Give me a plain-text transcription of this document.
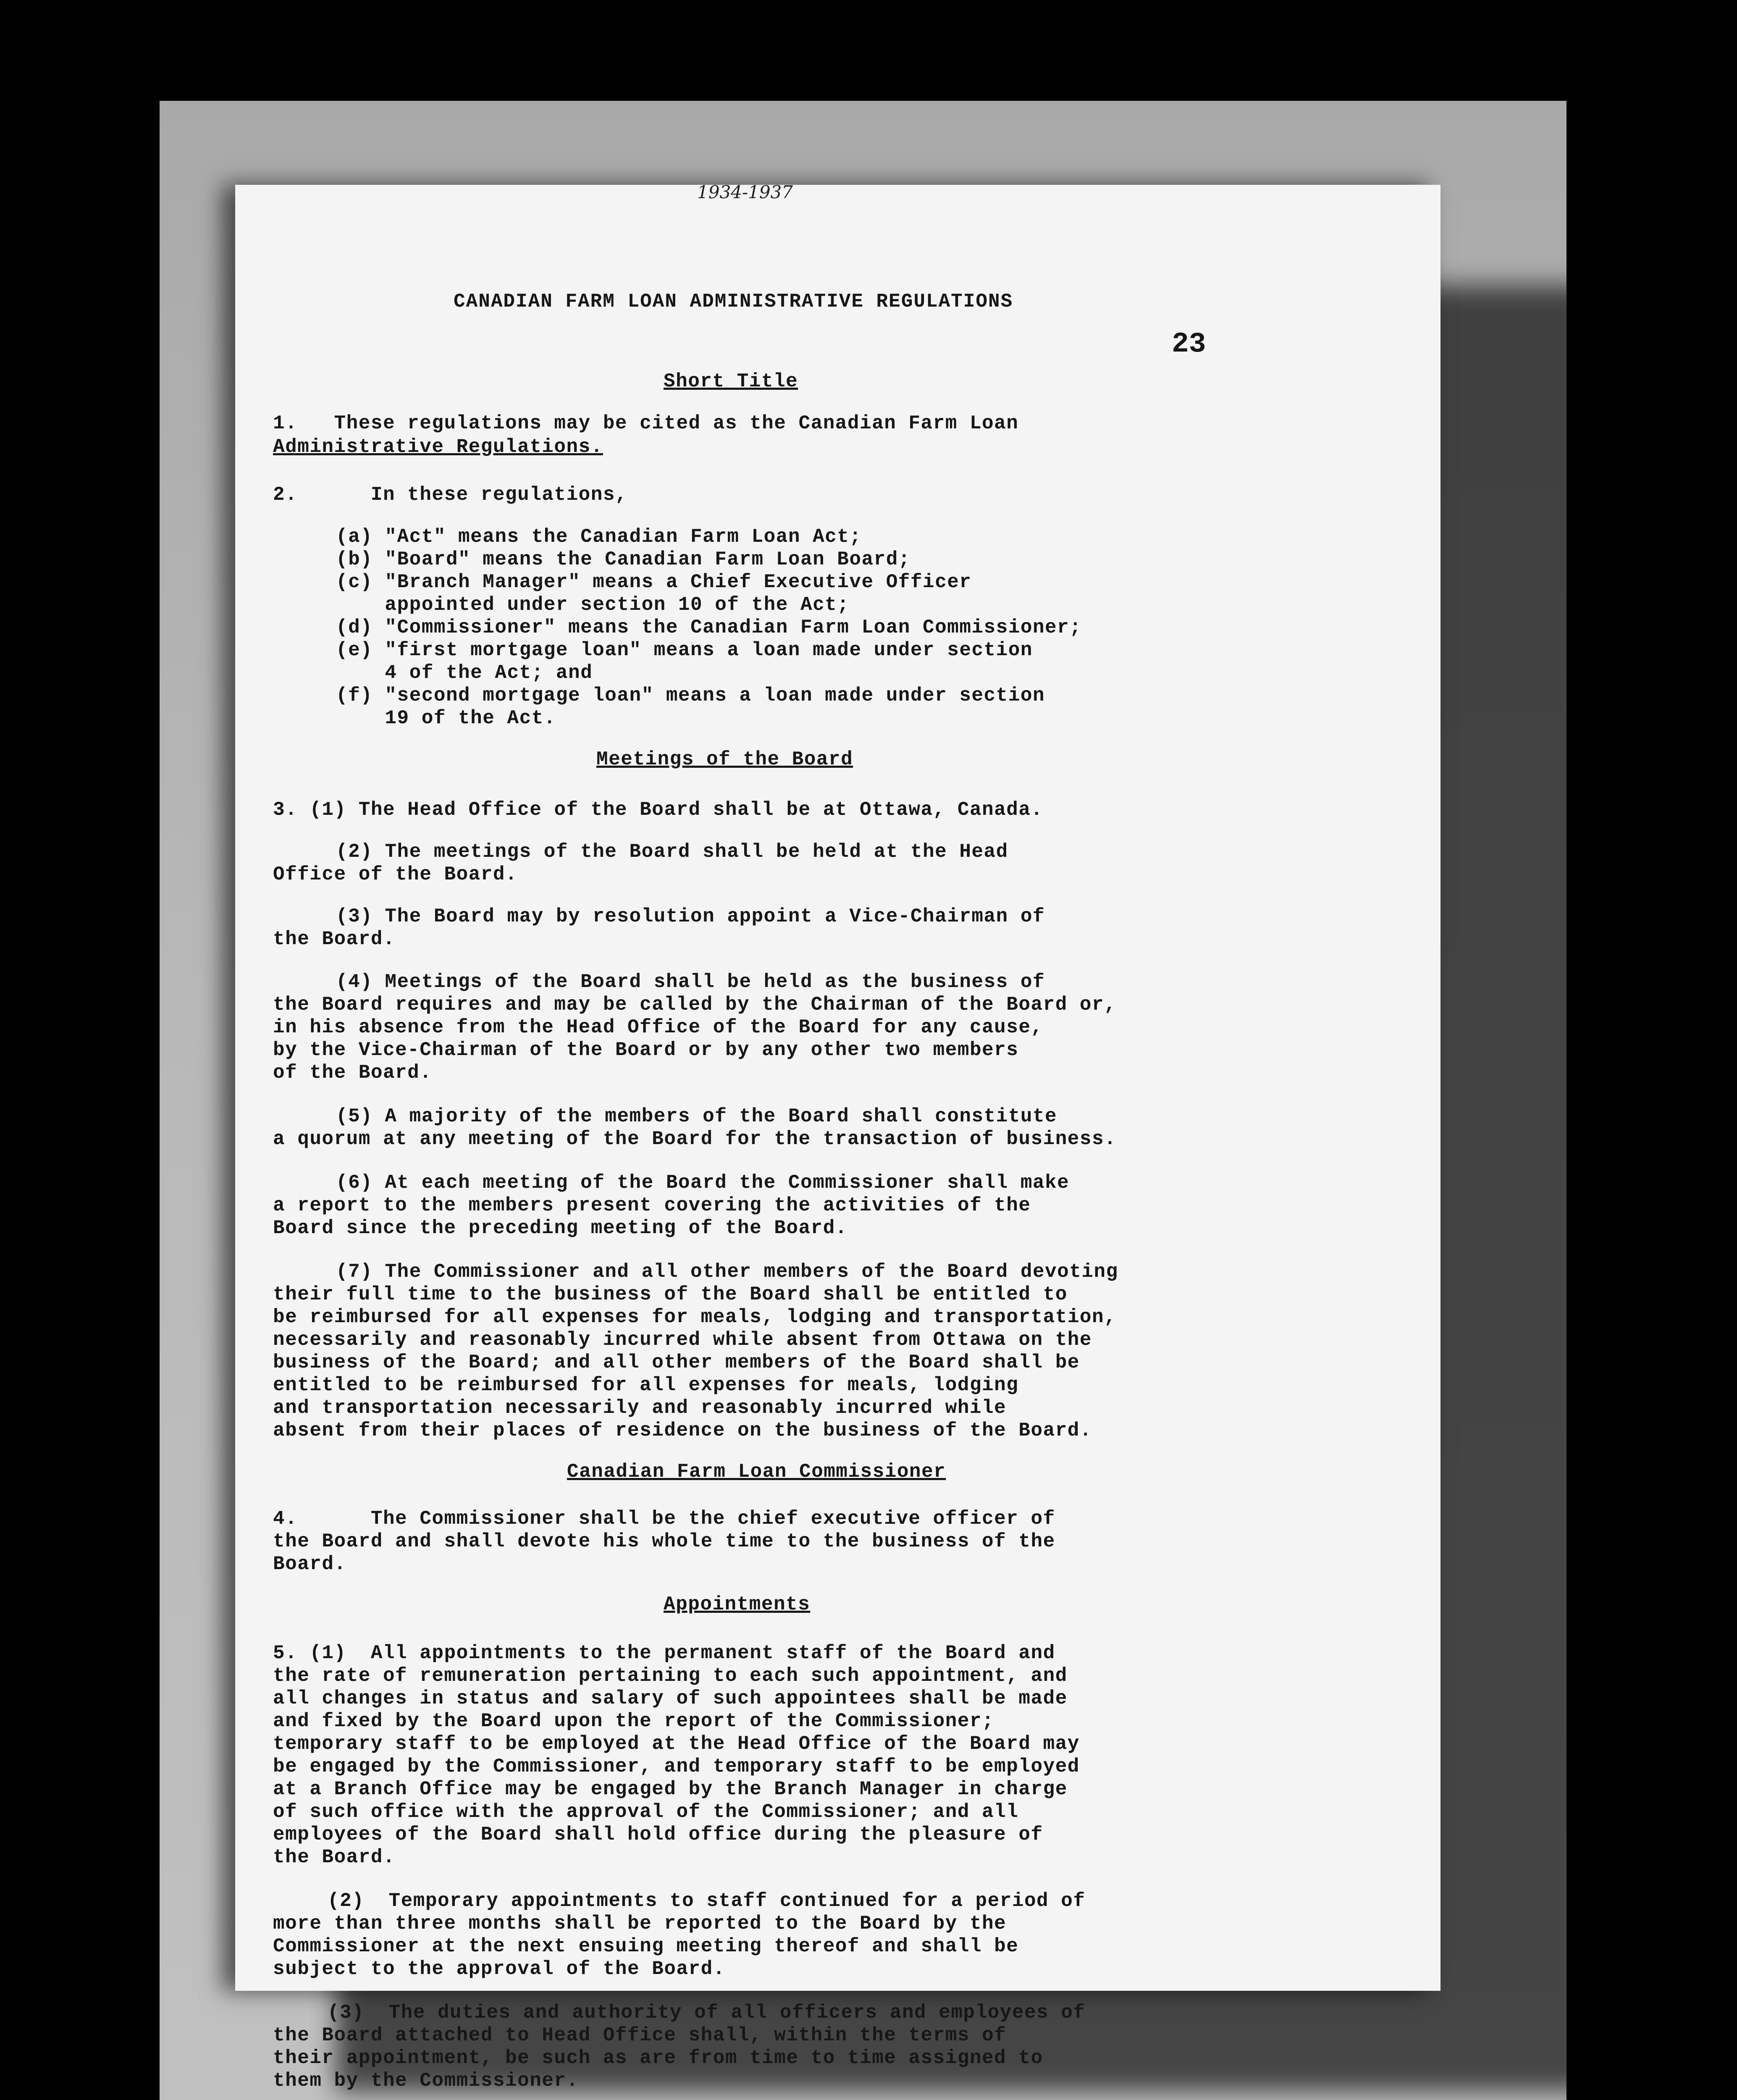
1934-1937

CANADIAN FARM LOAN ADMINISTRATIVE REGULATIONS

23

Short Title

1.   These regulations may be cited as the Canadian Farm Loan

Administrative Regulations.

2.      In these regulations,

(a) "Act" means the Canadian Farm Loan Act;

(b) "Board" means the Canadian Farm Loan Board;

(c) "Branch Manager" means a Chief Executive Officer

appointed under section 10 of the Act;

(d) "Commissioner" means the Canadian Farm Loan Commissioner;

(e) "first mortgage loan" means a loan made under section

4 of the Act; and

(f) "second mortgage loan" means a loan made under section

19 of the Act.

Meetings of the Board

3. (1) The Head Office of the Board shall be at Ottawa, Canada.

(2) The meetings of the Board shall be held at the Head

Office of the Board.

(3) The Board may by resolution appoint a Vice-Chairman of

the Board.

(4) Meetings of the Board shall be held as the business of

the Board requires and may be called by the Chairman of the Board or,

in his absence from the Head Office of the Board for any cause,

by the Vice-Chairman of the Board or by any other two members

of the Board.

(5) A majority of the members of the Board shall constitute

a quorum at any meeting of the Board for the transaction of business.

(6) At each meeting of the Board the Commissioner shall make

a report to the members present covering the activities of the

Board since the preceding meeting of the Board.

(7) The Commissioner and all other members of the Board devoting

their full time to the business of the Board shall be entitled to

be reimbursed for all expenses for meals, lodging and transportation,

necessarily and reasonably incurred while absent from Ottawa on the

business of the Board; and all other members of the Board shall be

entitled to be reimbursed for all expenses for meals, lodging

and transportation necessarily and reasonably incurred while

absent from their places of residence on the business of the Board.

Canadian Farm Loan Commissioner

4.      The Commissioner shall be the chief executive officer of

the Board and shall devote his whole time to the business of the

Board.

Appointments

5. (1)  All appointments to the permanent staff of the Board and

the rate of remuneration pertaining to each such appointment, and

all changes in status and salary of such appointees shall be made

and fixed by the Board upon the report of the Commissioner;

temporary staff to be employed at the Head Office of the Board may

be engaged by the Commissioner, and temporary staff to be employed

at a Branch Office may be engaged by the Branch Manager in charge

of such office with the approval of the Commissioner; and all

employees of the Board shall hold office during the pleasure of

the Board.

(2)  Temporary appointments to staff continued for a period of

more than three months shall be reported to the Board by the

Commissioner at the next ensuing meeting thereof and shall be

subject to the approval of the Board.

(3)  The duties and authority of all officers and employees of

the Board attached to Head Office shall, within the terms of

their appointment, be such as are from time to time assigned to

them by the Commissioner.
